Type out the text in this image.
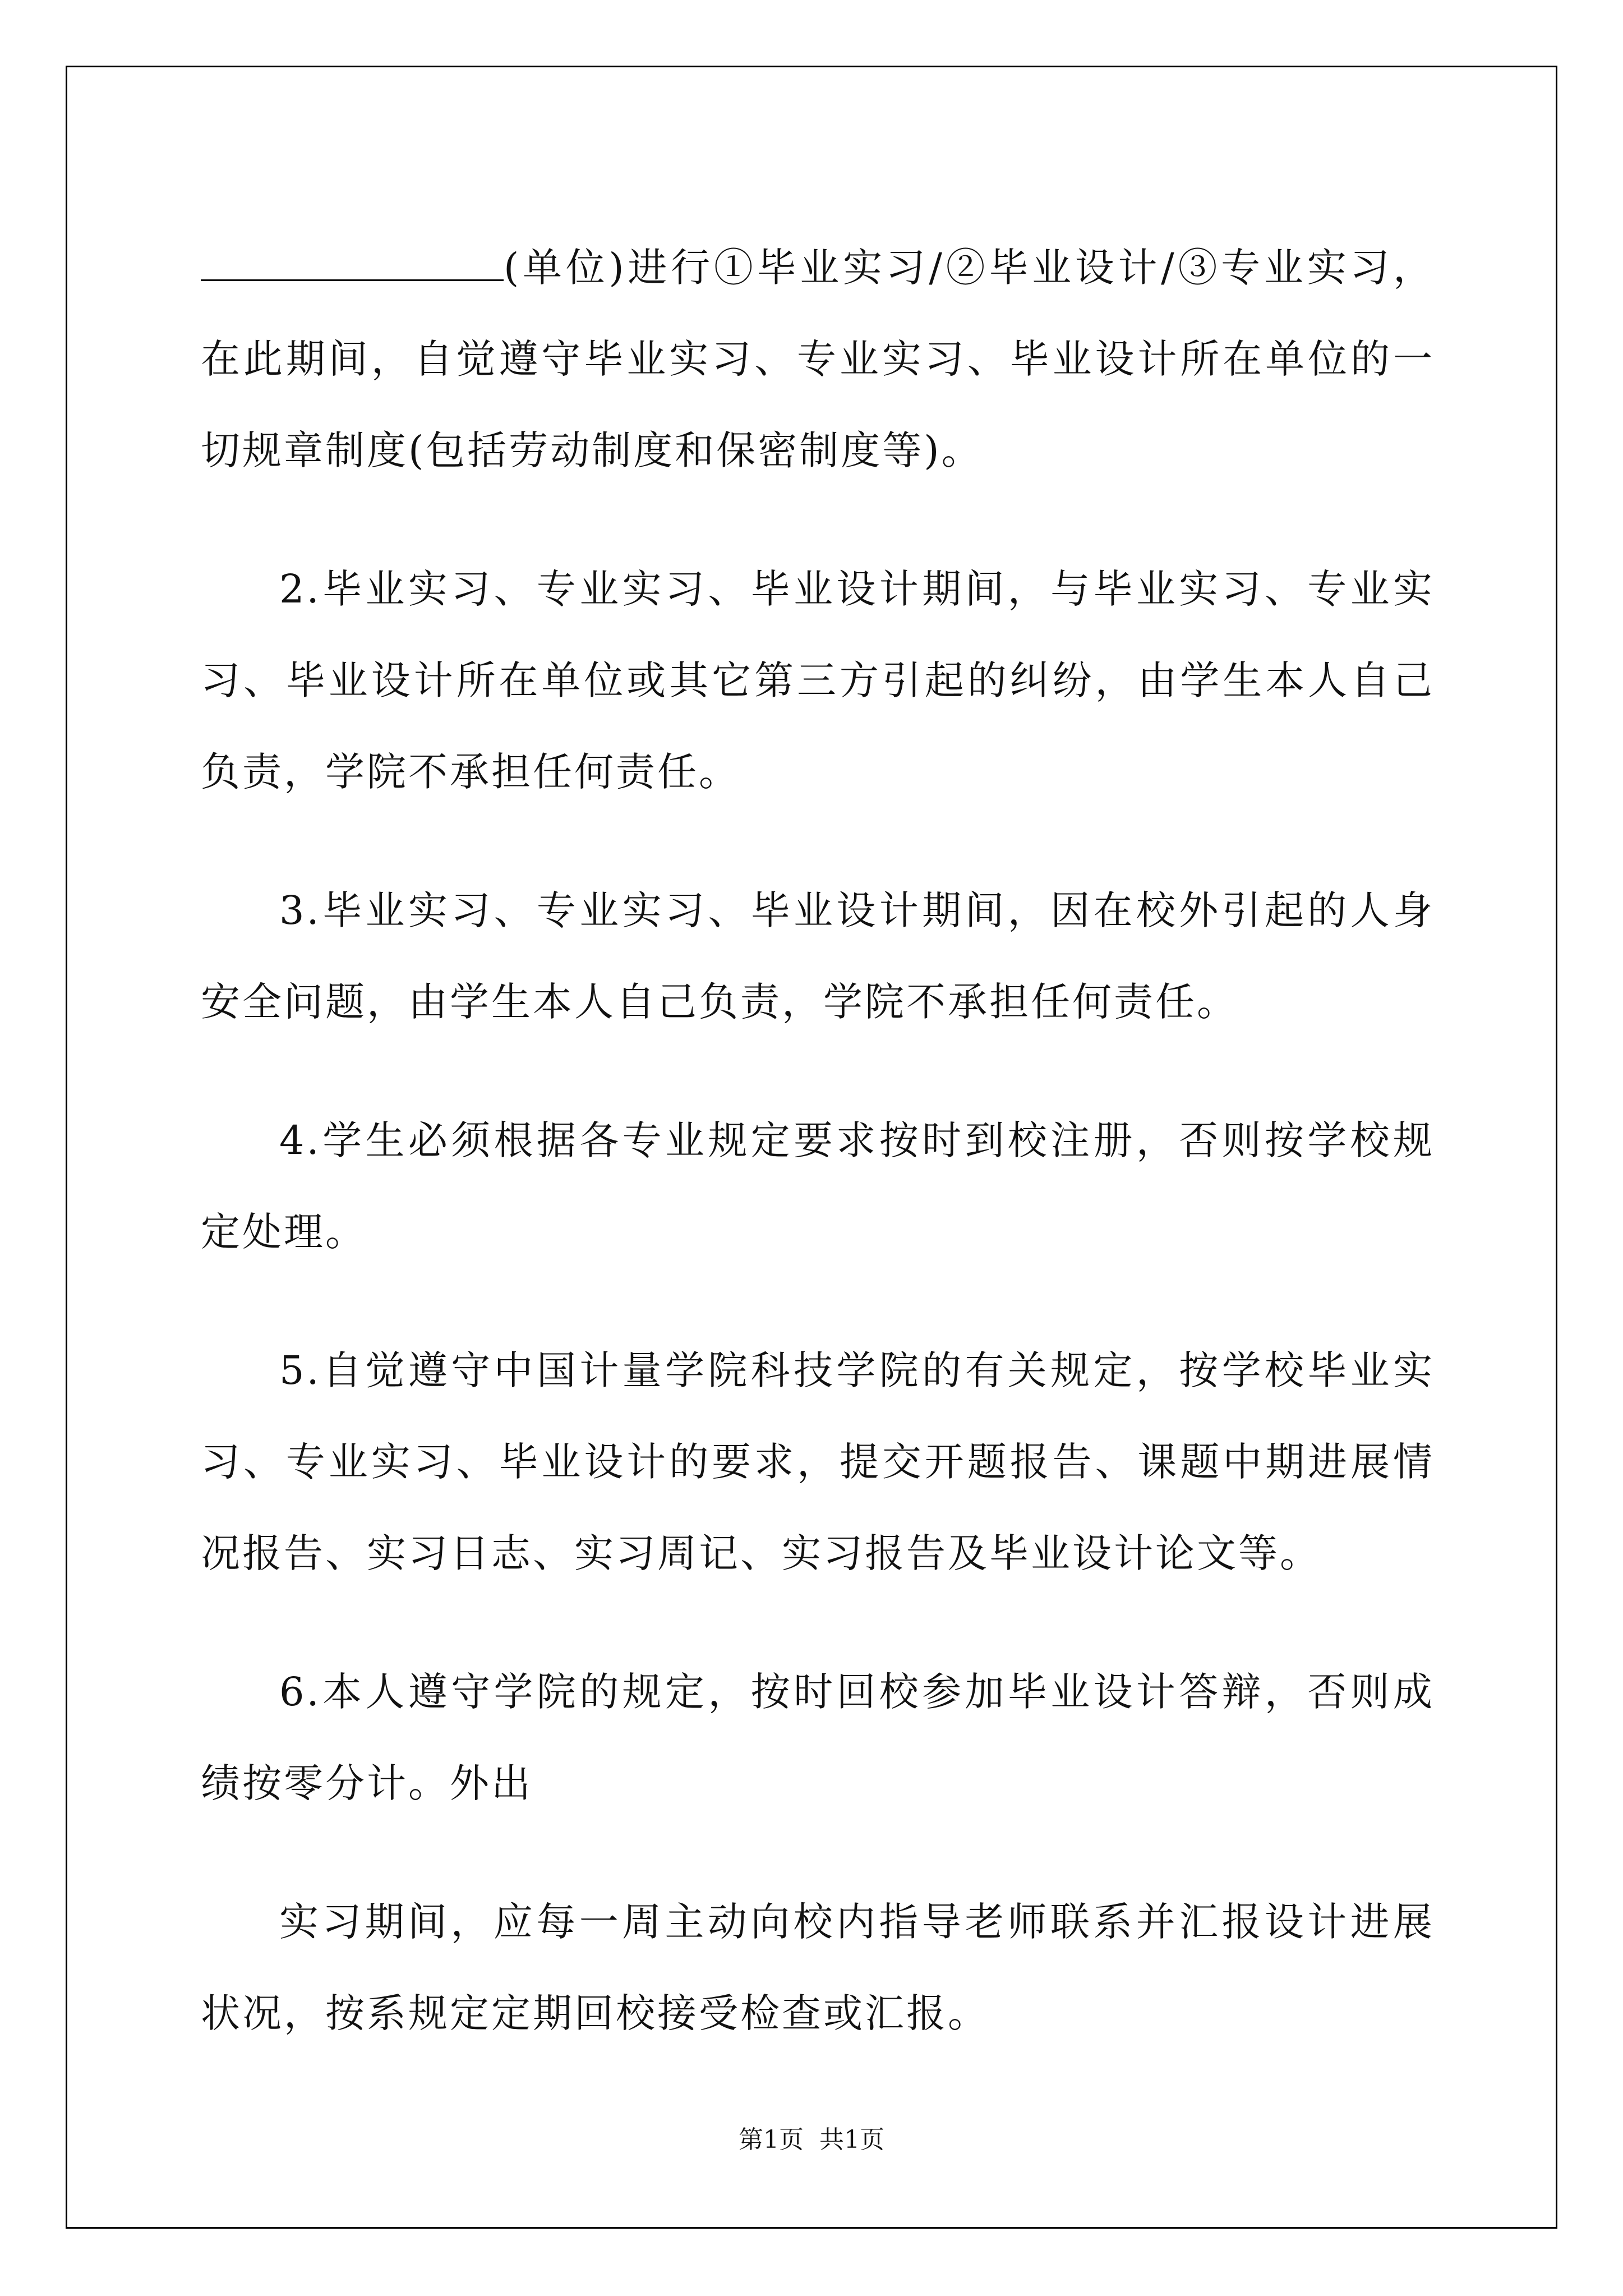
(单位)进行①毕业实习/②毕业设计/③专业实习，在此期间，自觉遵守毕业实习、专业实习、毕业设计所在单位的一切规章制度(包括劳动制度和保密制度等)。

2.毕业实习、专业实习、毕业设计期间，与毕业实习、专业实习、毕业设计所在单位或其它第三方引起的纠纷，由学生本人自己负责，学院不承担任何责任。

3.毕业实习、专业实习、毕业设计期间，因在校外引起的人身安全问题，由学生本人自己负责，学院不承担任何责任。

4.学生必须根据各专业规定要求按时到校注册，否则按学校规定处理。

5.自觉遵守中国计量学院科技学院的有关规定，按学校毕业实习、专业实习、毕业设计的要求，提交开题报告、课题中期进展情况报告、实习日志、实习周记、实习报告及毕业设计论文等。

6.本人遵守学院的规定，按时回校参加毕业设计答辩，否则成绩按零分计。外出

实习期间，应每一周主动向校内指导老师联系并汇报设计进展状况，按系规定定期回校接受检查或汇报。

第1页  共1页
